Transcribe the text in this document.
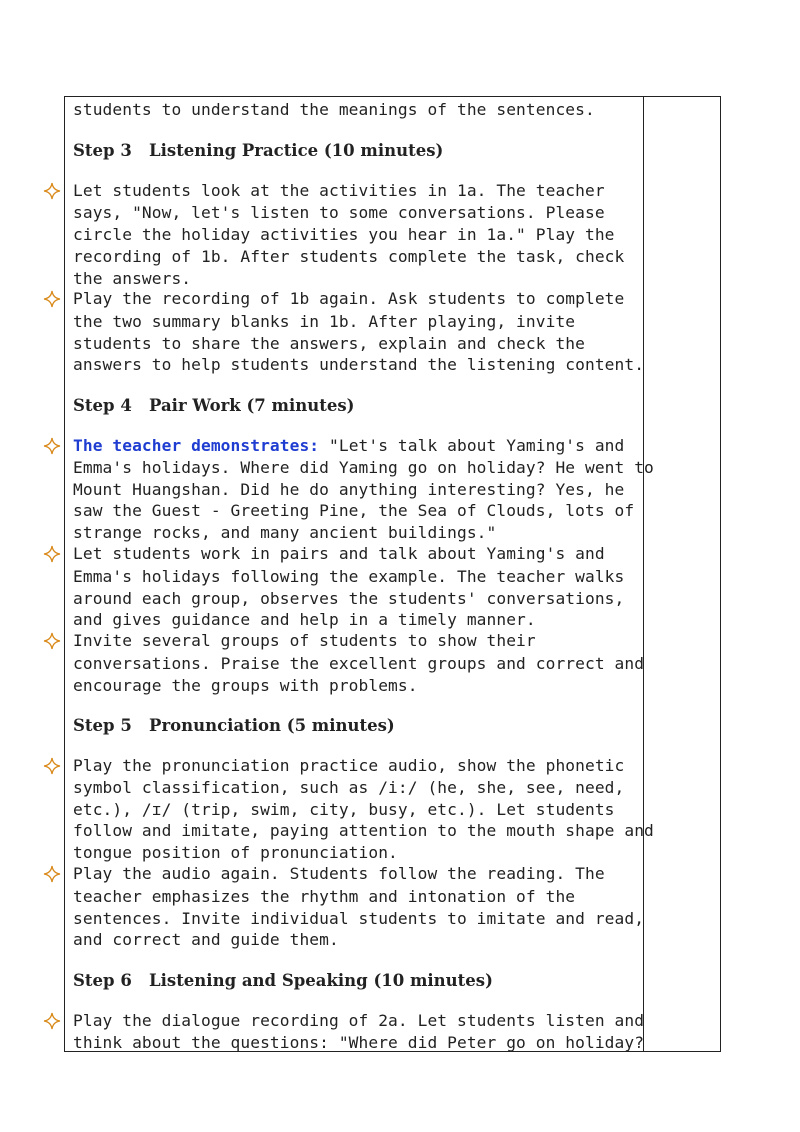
students to understand the meanings of the sentences.
Step 3   Listening Practice (10 minutes)
Let students look at the activities in 1a. The teacher
says, "Now, let's listen to some conversations. Please
circle the holiday activities you hear in 1a." Play the
recording of 1b. After students complete the task, check
the answers.
Play the recording of 1b again. Ask students to complete
the two summary blanks in 1b. After playing, invite
students to share the answers, explain and check the
answers to help students understand the listening content.
Step 4   Pair Work (7 minutes)
The teacher demonstrates: "Let's talk about Yaming's and
Emma's holidays. Where did Yaming go on holiday? He went to
Mount Huangshan. Did he do anything interesting? Yes, he
saw the Guest - Greeting Pine, the Sea of Clouds, lots of
strange rocks, and many ancient buildings."
Let students work in pairs and talk about Yaming's and
Emma's holidays following the example. The teacher walks
around each group, observes the students' conversations,
and gives guidance and help in a timely manner.
Invite several groups of students to show their
conversations. Praise the excellent groups and correct and
encourage the groups with problems.
Step 5   Pronunciation (5 minutes)
Play the pronunciation practice audio, show the phonetic
symbol classification, such as /i:/ (he, she, see, need,
etc.), /ɪ/ (trip, swim, city, busy, etc.). Let students
follow and imitate, paying attention to the mouth shape and
tongue position of pronunciation.
Play the audio again. Students follow the reading. The
teacher emphasizes the rhythm and intonation of the
sentences. Invite individual students to imitate and read,
and correct and guide them.
Step 6   Listening and Speaking (10 minutes)
Play the dialogue recording of 2a. Let students listen and
think about the questions: "Where did Peter go on holiday?
